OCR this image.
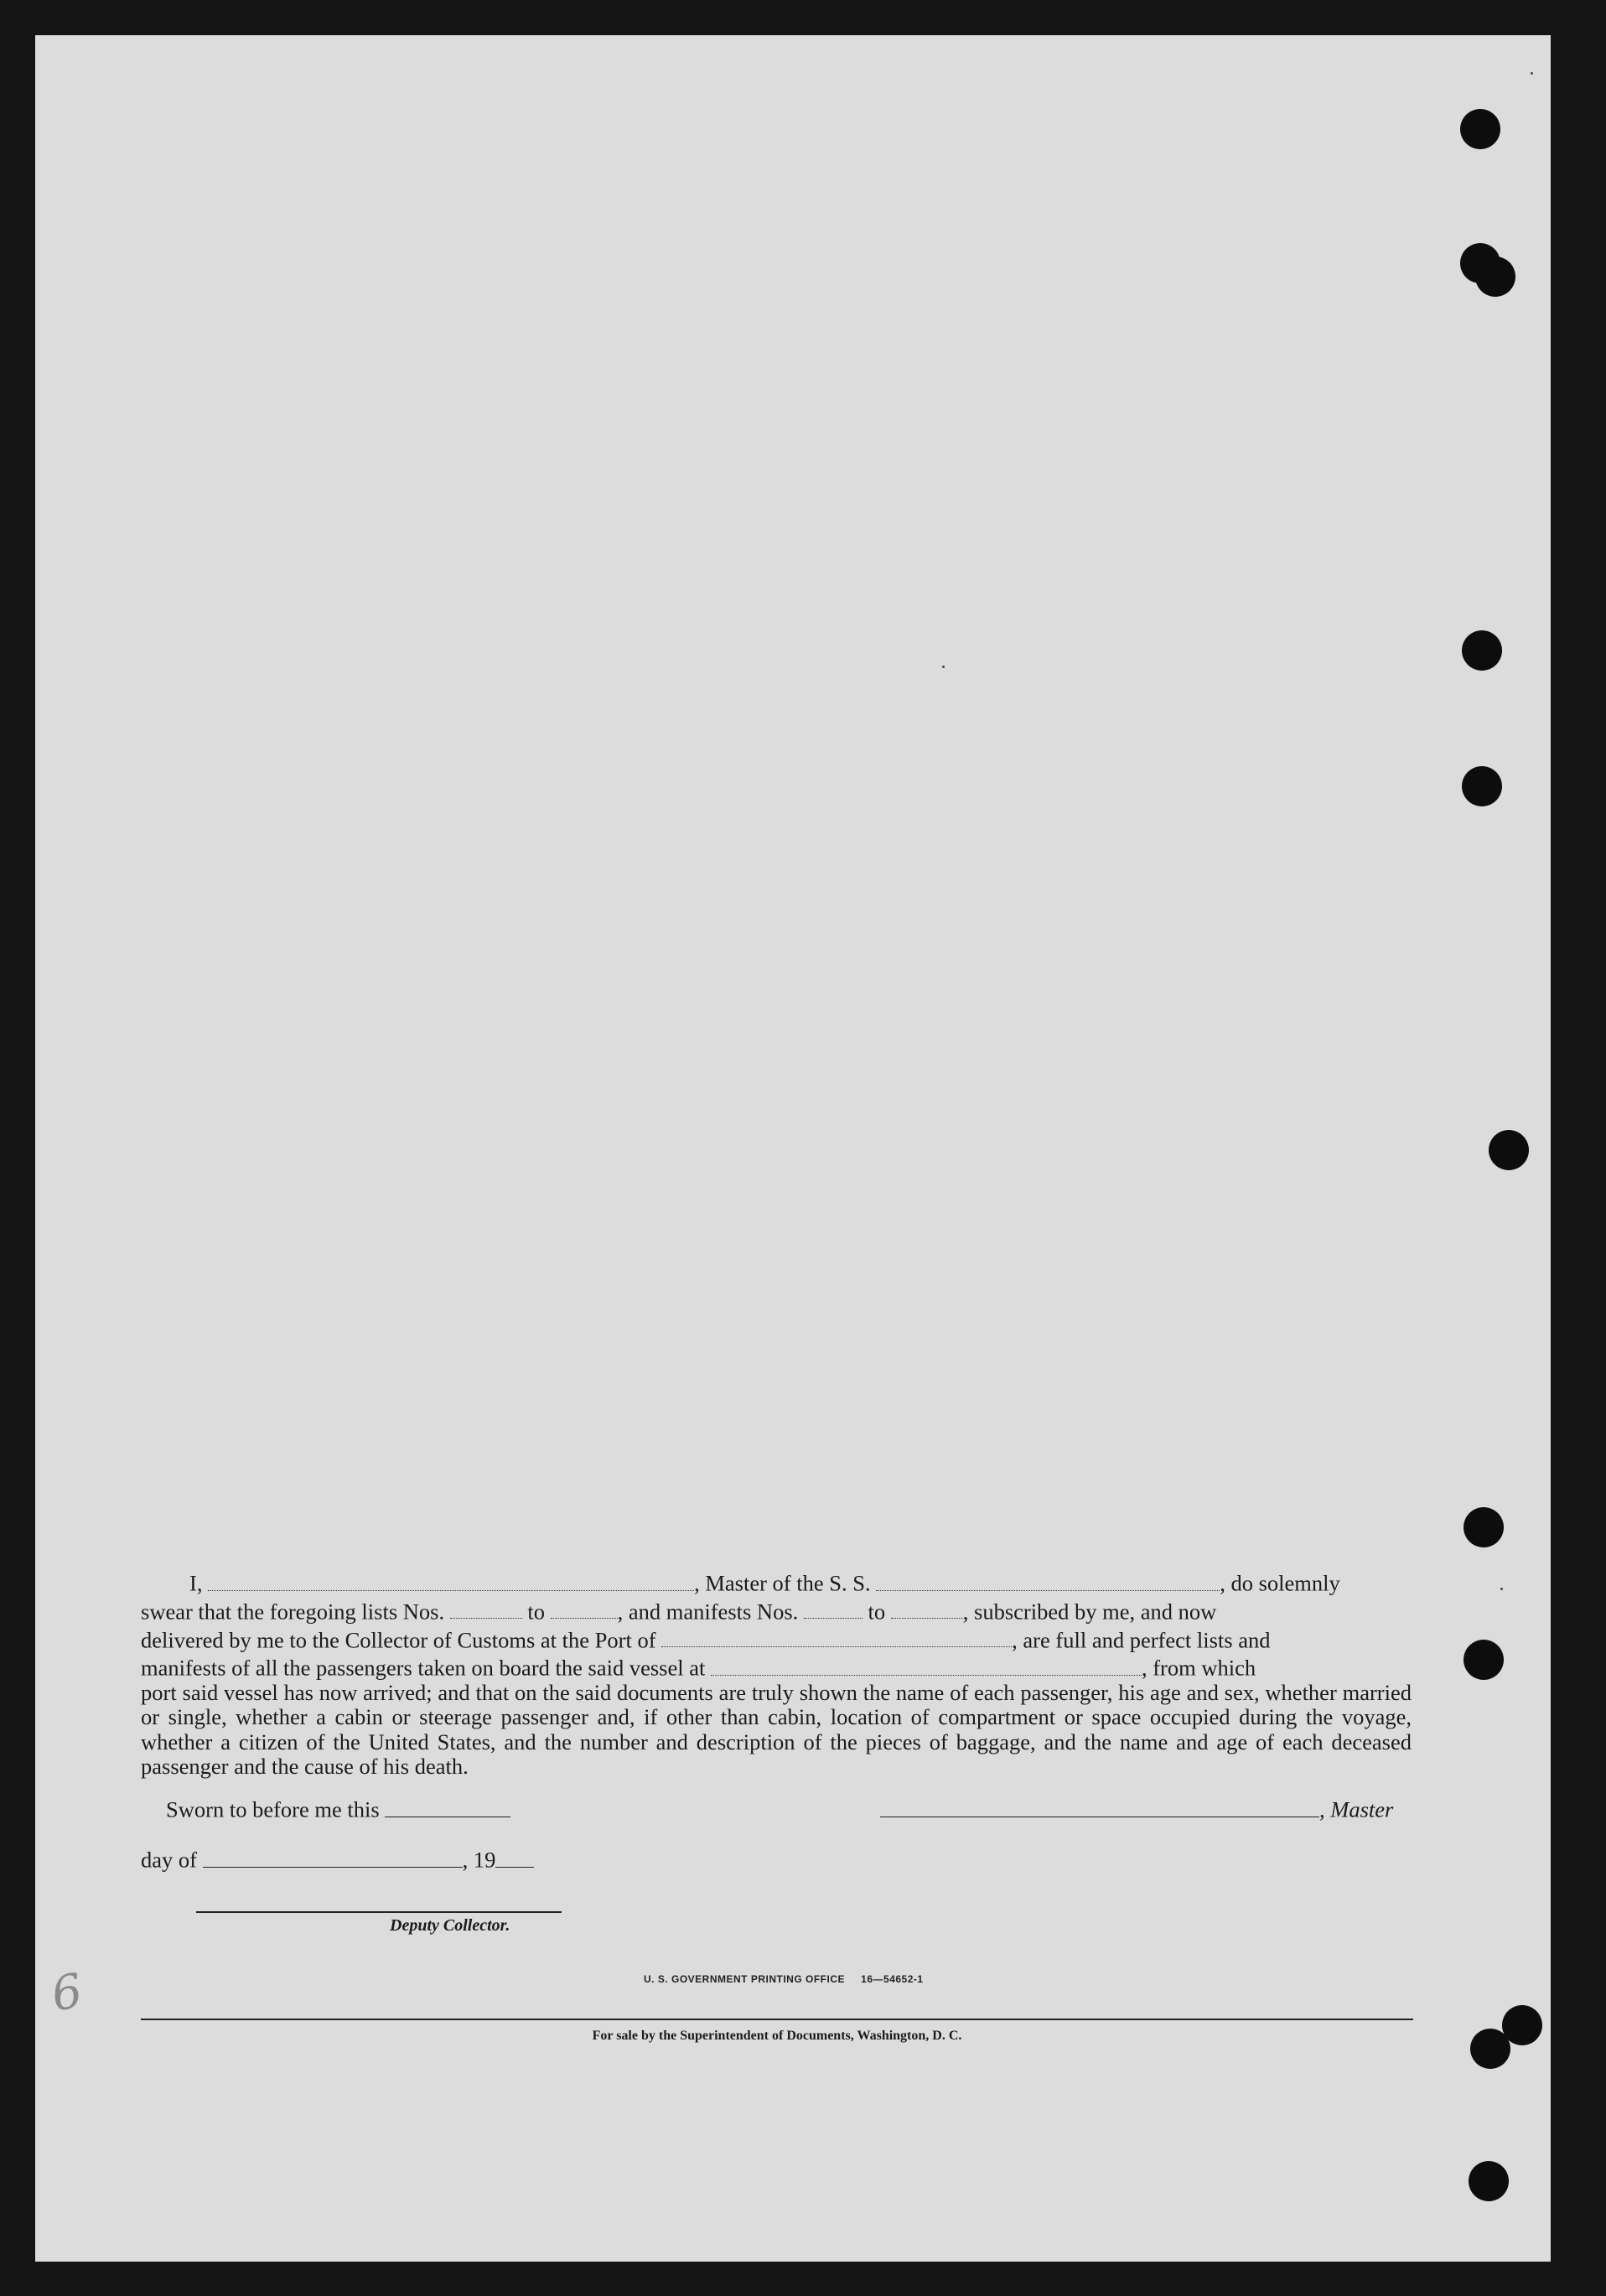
I,	, Master of the S. S.	, do solemnly

swear that the foregoing lists Nos.	to	, and manifests Nos.	to	, subscribed by me, and now

delivered by me to the Collector of Customs at the Port of	, are full and perfect lists and

manifests of all the passengers taken on board the said vessel at	, from which

port said vessel has now arrived; and that on the said documents are truly shown the name of each passenger, his age and sex, whether married or single, whether a cabin or steerage passenger and, if other than cabin, location of compartment or space occupied during the voyage, whether a citizen of the United States, and the number and description of the pieces of baggage, and the name and age of each deceased passenger and the cause of his death.

Sworn to before me this	, Master
day of	, 19
Deputy Collector.
U. S. GOVERNMENT PRINTING OFFICE     16—54652-1
6
For sale by the Superintendent of Documents, Washington, D. C.
